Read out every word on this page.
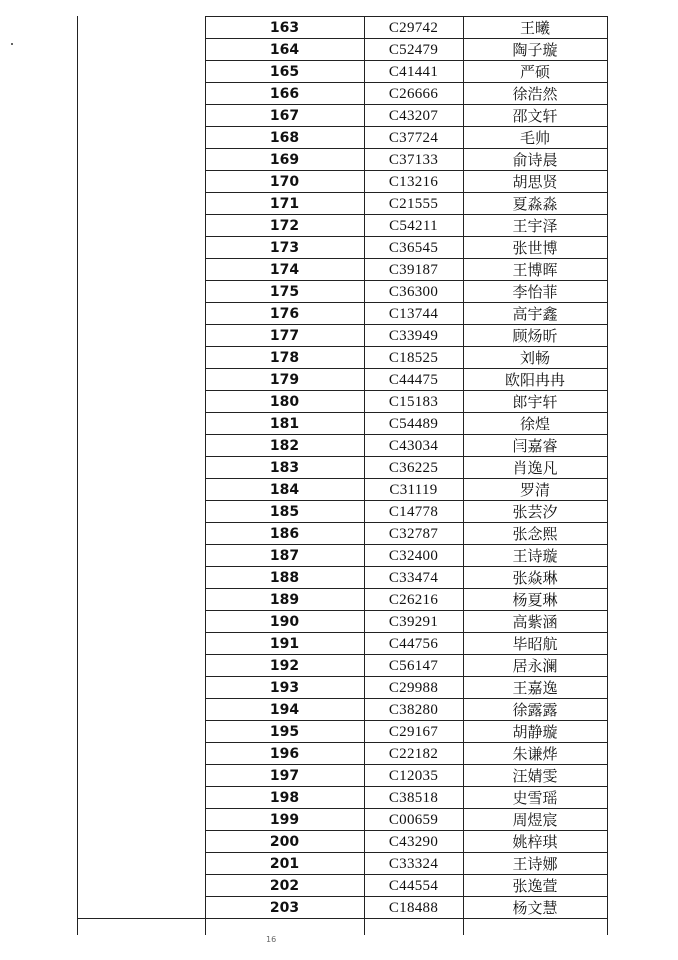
163	C29742	王曦
164	C52479	陶子璇
165	C41441	严硕
166	C26666	徐浩然
167	C43207	邵文轩
168	C37724	毛帅
169	C37133	俞诗晨
170	C13216	胡思贤
171	C21555	夏淼淼
172	C54211	王宇泽
173	C36545	张世博
174	C39187	王博晖
175	C36300	李怡菲
176	C13744	高宇鑫
177	C33949	顾炀昕
178	C18525	刘畅
179	C44475	欧阳冉冉
180	C15183	郎宇轩
181	C54489	徐煌
182	C43034	闫嘉睿
183	C36225	肖逸凡
184	C31119	罗清
185	C14778	张芸汐
186	C32787	张念熙
187	C32400	王诗璇
188	C33474	张焱琳
189	C26216	杨夏琳
190	C39291	高紫涵
191	C44756	毕昭航
192	C56147	居永澜
193	C29988	王嘉逸
194	C38280	徐露露
195	C29167	胡静璇
196	C22182	朱谦烨
197	C12035	汪婧雯
198	C38518	史雪瑶
199	C00659	周煜宸
200	C43290	姚梓琪
201	C33324	王诗娜
202	C44554	张逸萱
203	C18488	杨文慧
16
